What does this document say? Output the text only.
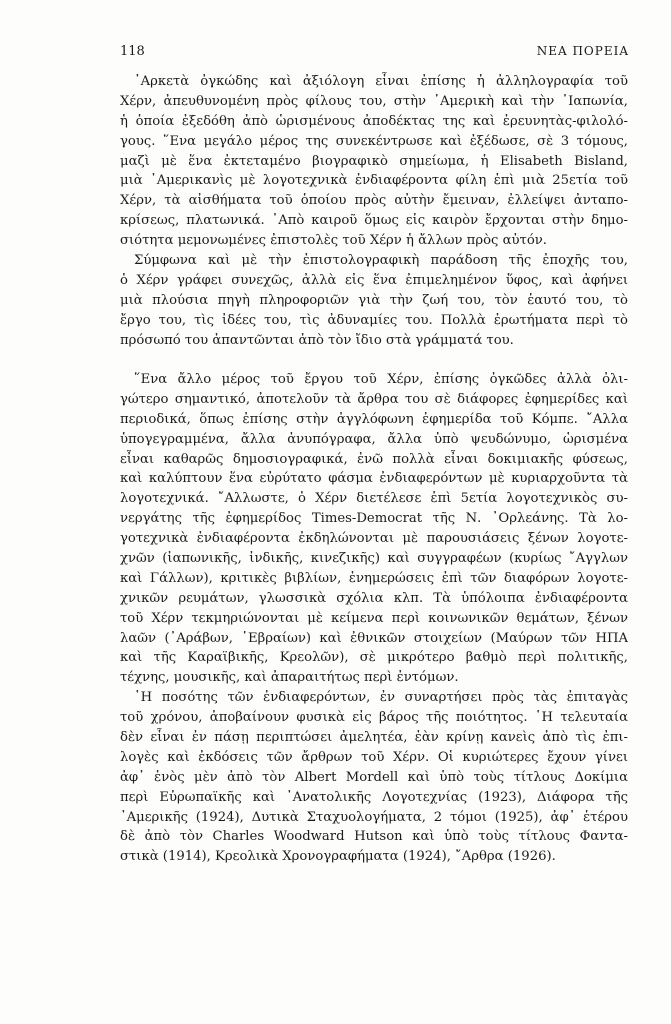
118	ΝΕΑ ΠΟΡΕΙΑ
᾿Αρκετὰ ὀγκώδης καὶ ἀξιόλογη εἶναι ἐπίσης ἡ ἀλληλογραφία τοῦ
Χέρν, ἀπευθυνομένη πρὸς φίλους του, στὴν ᾿Αμερικὴ καὶ τὴν ᾿Ιαπωνία,
ἡ ὁποία ἐξεδόθη ἀπὸ ὡρισμένους ἀποδέκτας της καὶ ἐρευνητὰς-φιλολό-
γους. ῞Ενα μεγάλο μέρος της συνεκέντρωσε καὶ ἐξέδωσε, σὲ 3 τόμους,
μαζὶ μὲ ἕνα ἐκτεταμένο βιογραφικὸ σημείωμα, ἡ Elisabeth Bisland,
μιὰ ᾿Αμερικανὶς μὲ λογοτεχνικὰ ἐνδιαφέροντα φίλη ἐπὶ μιὰ 25ετία τοῦ
Χέρν, τὰ αἰσθήματα τοῦ ὁποίου πρὸς αὐτὴν ἔμειναν, ἐλλείψει ἀνταπο-
κρίσεως, πλατωνικά. ᾿Απὸ καιροῦ ὅμως εἰς καιρὸν ἔρχονται στὴν δημο-
σιότητα μεμονωμένες ἐπιστολὲς τοῦ Χέρν ἡ ἄλλων πρὸς αὐτόν.
Σύμφωνα καὶ μὲ τὴν ἐπιστολογραφικὴ παράδοση τῆς ἐποχῆς του,
ὁ Χέρν γράφει συνεχῶς, ἀλλὰ εἰς ἕνα ἐπιμελημένον ὕφος, καὶ ἀφήνει
μιὰ πλούσια πηγὴ πληροφοριῶν γιὰ τὴν ζωή του, τὸν ἑαυτό του, τὸ
ἔργο του, τὶς ἰδέες του, τὶς ἀδυναμίες του. Πολλὰ ἐρωτήματα περὶ τὸ
πρόσωπό του ἀπαντῶνται ἀπὸ τὸν ἴδιο στὰ γράμματά του.
῞Ενα ἄλλο μέρος τοῦ ἔργου τοῦ Χέρν, ἐπίσης ὀγκῶδες ἀλλὰ ὀλι-
γώτερο σημαντικό, ἀποτελοῦν τὰ ἄρθρα του σὲ διάφορες ἐφημερίδες καὶ
περιοδικά, ὅπως ἐπίσης στὴν ἀγγλόφωνη ἐφημερίδα τοῦ Κόμπε. ῎Αλλα
ὑπογεγραμμένα, ἄλλα ἀνυπόγραφα, ἄλλα ὑπὸ ψευδώνυμο, ὡρισμένα
εἶναι καθαρῶς δημοσιογραφικά, ἐνῶ πολλὰ εἶναι δοκιμιακῆς φύσεως,
καὶ καλύπτουν ἕνα εὐρύτατο φάσμα ἐνδιαφερόντων μὲ κυριαρχοῦντα τὰ
λογοτεχνικά. ῎Αλλωστε, ὁ Χέρν διετέλεσε ἐπὶ 5ετία λογοτεχνικὸς συ-
νεργάτης τῆς ἐφημερίδος Times-Democrat τῆς Ν. ᾿Ορλεάνης. Τὰ λο-
γοτεχνικὰ ἐνδιαφέροντα ἐκδηλώνονται μὲ παρουσιάσεις ξένων λογοτε-
χνῶν (ἰαπωνικῆς, ἰνδικῆς, κινεζικῆς) καὶ συγγραφέων (κυρίως ῎Αγγλων
καὶ Γάλλων), κριτικὲς βιβλίων, ἐνημερώσεις ἐπὶ τῶν διαφόρων λογοτε-
χνικῶν ρευμάτων, γλωσσικὰ σχόλια κλπ. Τὰ ὑπόλοιπα ἐνδιαφέροντα
τοῦ Χέρν τεκμηριώνονται μὲ κείμενα περὶ κοινωνικῶν θεμάτων, ξένων
λαῶν (᾿Αράβων, ῾Εβραίων) καὶ ἐθνικῶν στοιχείων (Μαύρων τῶν ΗΠΑ
καὶ τῆς Καραϊβικῆς, Κρεολῶν), σὲ μικρότερο βαθμὸ περὶ πολιτικῆς,
τέχνης, μουσικῆς, καὶ ἀπαραιτήτως περὶ ἐντόμων.
῾Η ποσότης τῶν ἐνδιαφερόντων, ἐν συναρτήσει πρὸς τὰς ἐπιταγὰς
τοῦ χρόνου, ἀποβαίνουν φυσικὰ εἰς βάρος τῆς ποιότητος. ῾Η τελευταία
δὲν εἶναι ἐν πάσῃ περιπτώσει ἀμελητέα, ἐὰν κρίνῃ κανεὶς ἀπὸ τὶς ἐπι-
λογὲς καὶ ἐκδόσεις τῶν ἄρθρων τοῦ Χέρν. Οἱ κυριώτερες ἔχουν γίνει
ἀφ᾿ ἑνὸς μὲν ἀπὸ τὸν Albert Mordell καὶ ὑπὸ τοὺς τίτλους Δοκίμια
περὶ Εὐρωπαϊκῆς καὶ ᾿Ανατολικῆς Λογοτεχνίας (1923), Διάφορα τῆς
᾿Αμερικῆς (1924), Δυτικὰ Σταχυολογήματα, 2 τόμοι (1925), ἀφ᾿ ἑτέρου
δὲ ἀπὸ τὸν Charles Woodward Hutson καὶ ὑπὸ τοὺς τίτλους Φαντα-
στικὰ (1914), Κρεολικὰ Χρονογραφήματα (1924), ῎Αρθρα (1926).
